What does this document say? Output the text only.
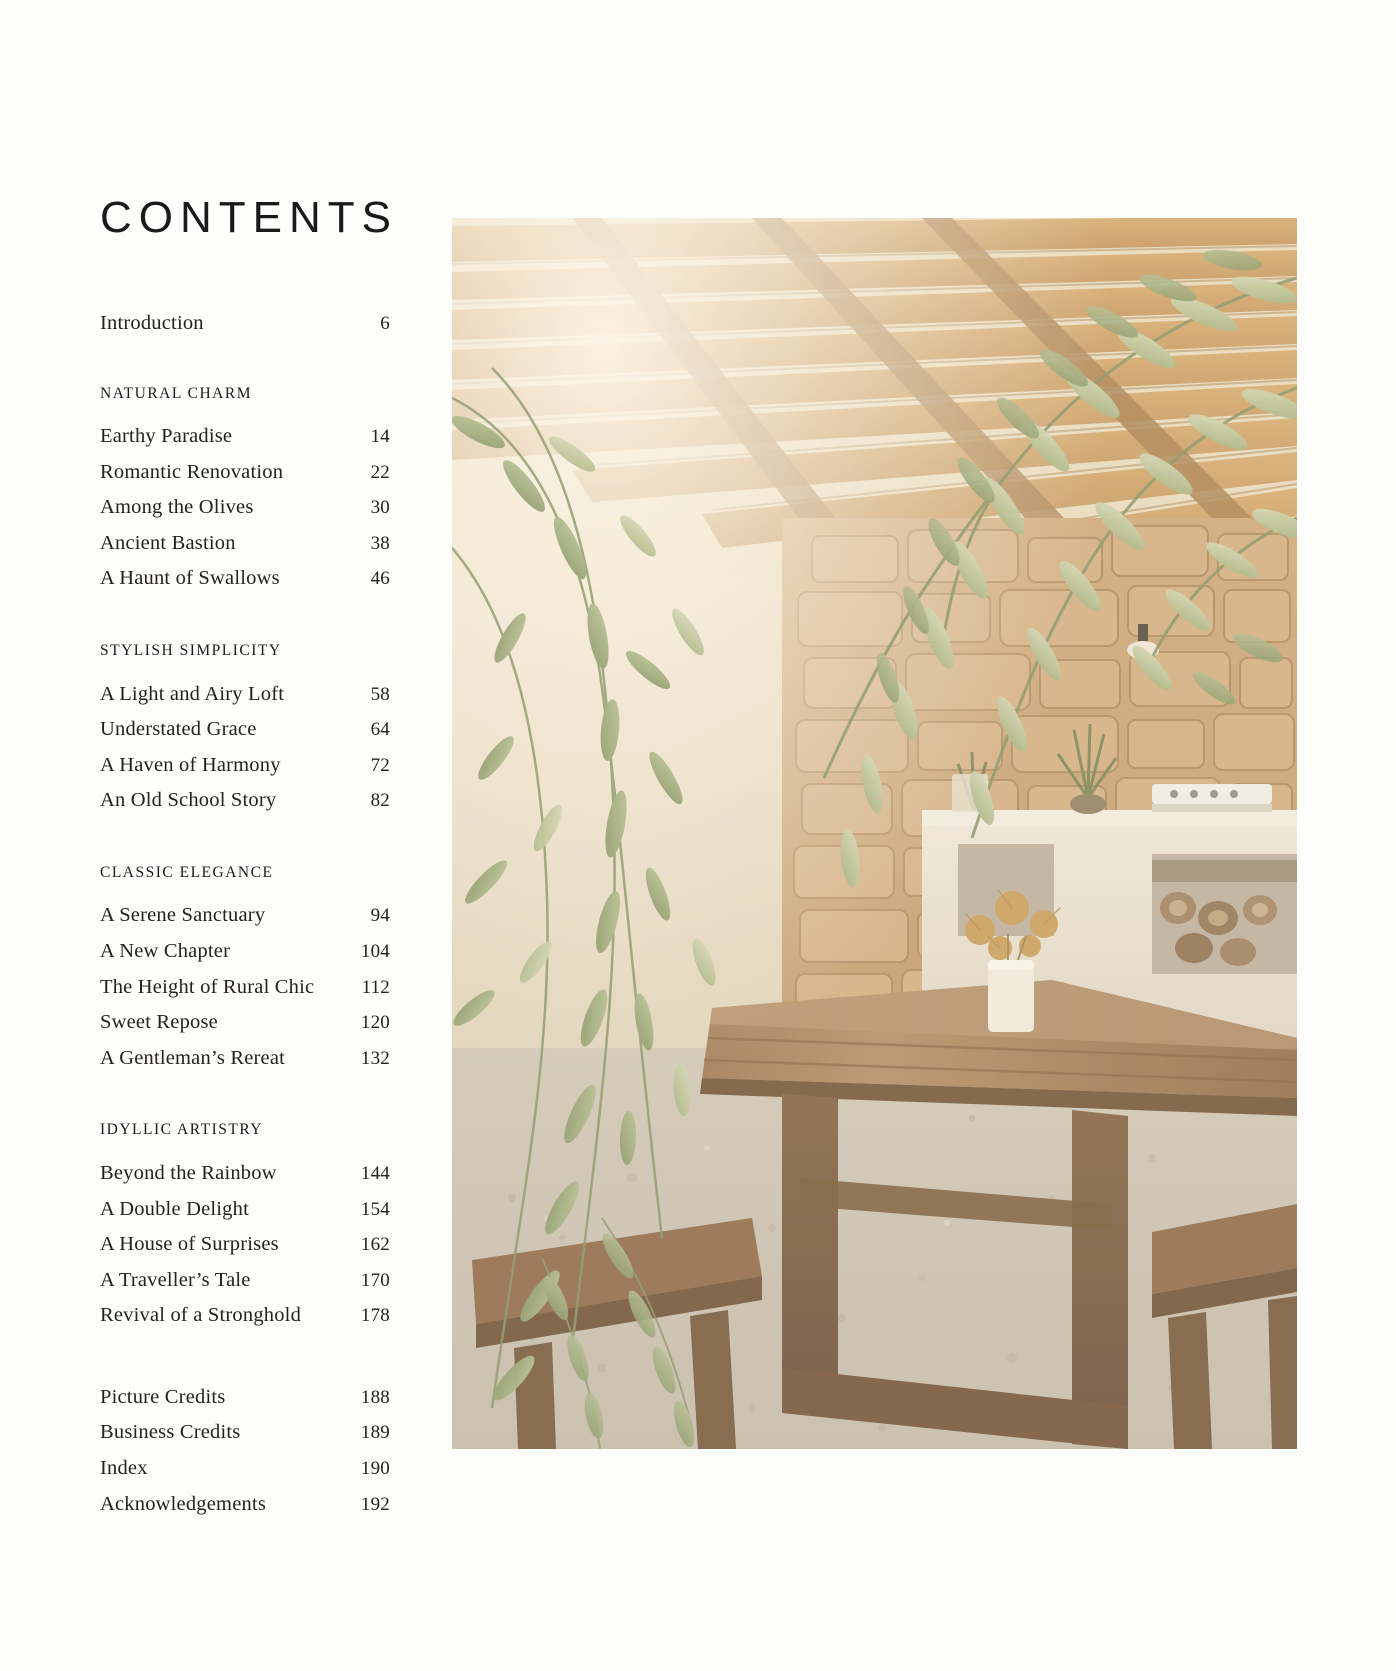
CONTENTS
Introduction	6

NATURAL CHARM

Earthy Paradise	14
Romantic Renovation	22
Among the Olives	30
Ancient Bastion	38
A Haunt of Swallows	46

STYLISH SIMPLICITY

A Light and Airy Loft	58
Understated Grace	64
A Haven of Harmony	72
An Old School Story	82

CLASSIC ELEGANCE

A Serene Sanctuary	94
A New Chapter	104
The Height of Rural Chic	112
Sweet Repose	120
A Gentleman’s Rereat	132

IDYLLIC ARTISTRY

Beyond the Rainbow	144
A Double Delight	154
A House of Surprises	162
A Traveller’s Tale	170
Revival of a Stronghold	178
Picture Credits	188
Business Credits	189
Index	190
Acknowledgements	192
